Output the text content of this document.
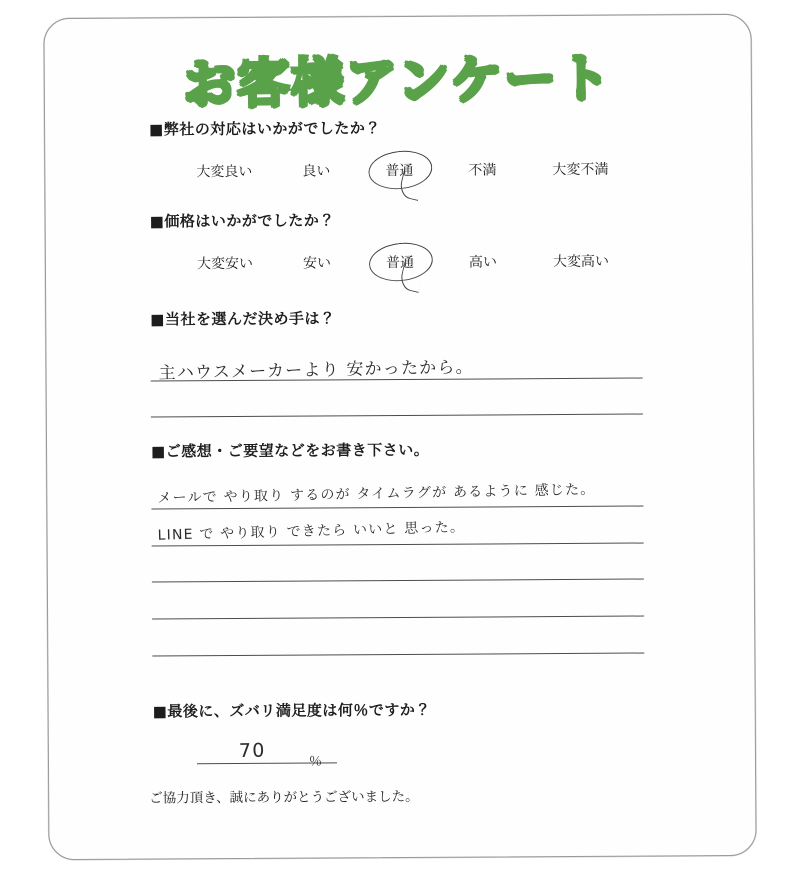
お客様アンケート
■弊社の対応はいかがでしたか？
大変良い	良い	普通	不満	大変不満
■価格はいかがでしたか？
大変安い	安い	普通	高い	大変高い
■当社を選んだ決め手は？
主ハウスメーカーより 安かったから。
■ご感想・ご要望などをお書き下さい。
メールで やり取り するのが タイムラグが あるように 感じた。
LINE で やり取り できたら いいと 思った。
■最後に、ズバリ満足度は何％ですか？
70	％
ご協力頂き、誠にありがとうございました。
